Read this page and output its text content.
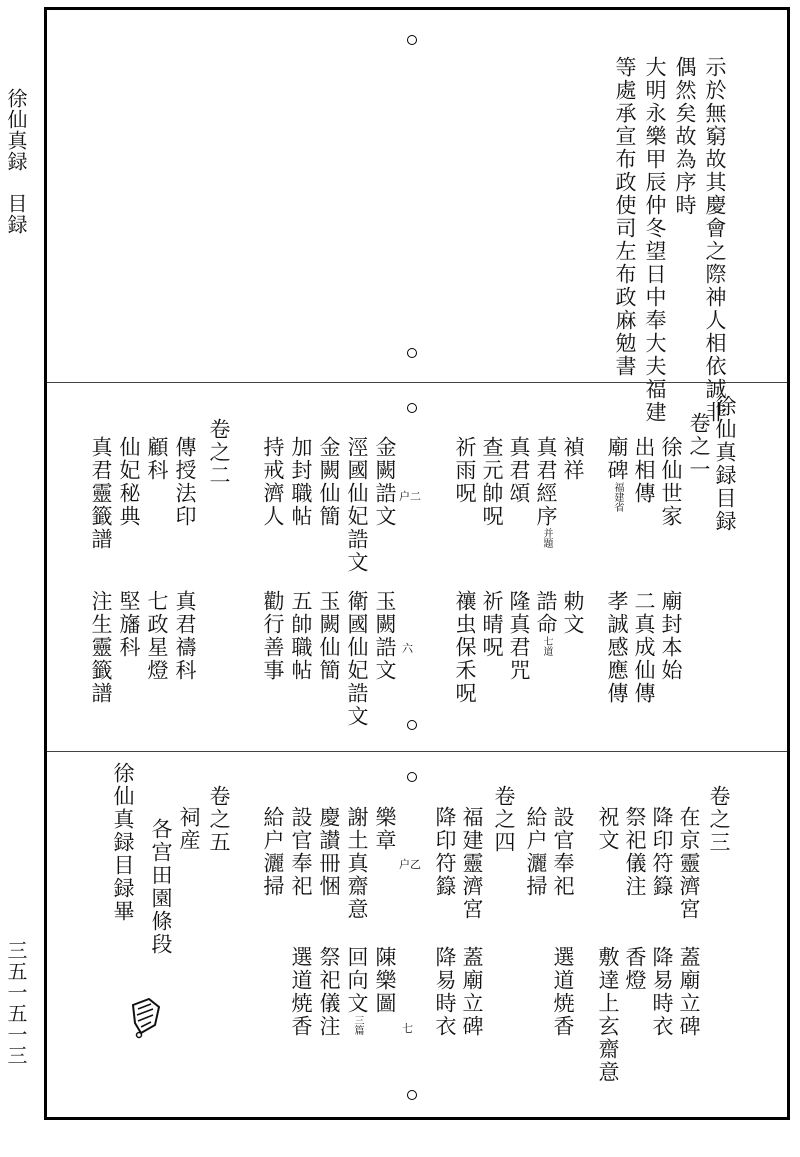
徐仙真録　目録
三五一五一三
示於無窮故其慶會之際神人相依誠非
偶然矣故為序時
大明永樂甲辰仲冬望日中奉大夫福建
等處承宣布政使司左布政麻勉書
徐仙真録目録
卷之一
徐仙世家
廟封本始
出相傳
二真成仙傳
廟碑福建省
孝誠感應傳
禎祥
勅文
真君經序并題
誥命七道
真君頌
隆真君咒
查元帥呪
祈晴呪
祈雨呪
禳虫保禾呪
户二
六
金闕誥文
玉闕誥文
涇國仙妃誥文
衛國仙妃誥文
金闕仙簡
玉闕仙簡
加封職帖
五帥職帖
持戒濟人
勸行善事
卷之二
傳授法印
真君禱科
顧科
七政星燈
仙妃秘典
堅旛科
真君靈籤譜
注生靈籤譜
卷之三
在京靈濟宮
蓋廟立碑
降印符籙
降易時衣
祭祀儀注
香燈
祝文
敷達上玄齋意
設官奉祀
選道焼香
給户灑掃
卷之四
福建靈濟宮
蓋廟立碑
降印符籙
降易時衣
户乙
七
樂章
陳樂圖
謝土真齋意
回向文三篇
慶讃冊悃
祭祀儀注
設官奉祀
選道焼香
給户灑掃
卷之五
祠産
各宫田園條段
徐仙真録目録畢
